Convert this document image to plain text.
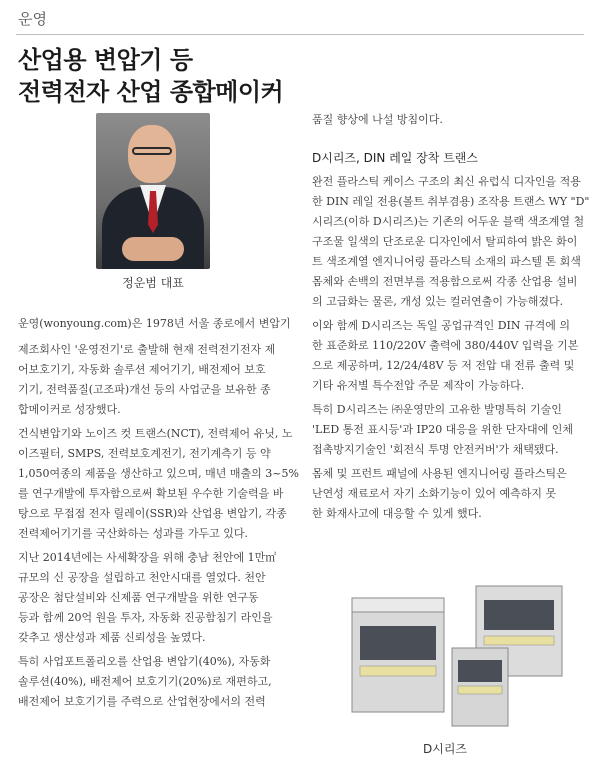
운영
산업용 변압기 등
전력전자 산업 종합메이커
정운범 대표

운영(wonyoung.com)은 1978년 서울 종로에서 변압기

제조회사인 '운영전기'로 출발해 현재 전력전기전자 제

어보호기기, 자동화 솔루션 제어기기, 배전제어 보호

기기, 전력품질(고조파)개선 등의 사업군을 보유한 종

합메이커로 성장했다.

건식변압기와 노이즈 컷 트랜스(NCT), 전력제어 유닛, 노

이즈필터, SMPS, 전력보호계전기, 전기계측기 등 약

1,050여종의 제품을 생산하고 있으며, 매년 매출의 3~5%

를 연구개발에 투자함으로써 확보된 우수한 기술력을 바

탕으로 무접점 전자 릴레이(SSR)와 산업용 변압기, 각종

전력제어기기를 국산화하는 성과를 가두고 있다.

지난 2014년에는 사세확장을 위해 충남 천안에 1만㎡

규모의 신 공장을 설립하고 천안시대를 열었다. 천안

공장은 첨단설비와 신제품 연구개발을 위한 연구동

등과 함께 20억 원을 투자, 자동화 진공함침기 라인을

갖추고 생산성과 제품 신뢰성을 높였다.

특히 사업포트폴리오를 산업용 변압기(40%), 자동화

솔루션(40%), 배전제어 보호기기(20%)로 재편하고,

배전제어 보호기기를 주력으로 산업현장에서의 전력

품질 향상에 나설 방침이다.

D시리즈, DIN 레일 장착 트랜스

완전 플라스틱 케이스 구조의 최신 유럽식 디자인을 적용

한 DIN 레일 전용(볼트 취부겸용) 조작용 트랜스 WY "D"

시리즈(이하 D시리즈)는 기존의 어두운 블랙 색조계열 철

구조물 일색의 단조로운 디자인에서 탈피하여 밝은 화이

트 색조계열 엔지니어링 플라스틱 소재의 파스텔 톤 회색

몸체와 손백의 전면부를 적용함으로써 각종 산업용 설비

의 고급화는 물론, 개성 있는 컬러연출이 가능해졌다.

이와 함께 D시리즈는 독일 공업규격인 DIN 규격에 의

한 표준화로 110/220V 출력에 380/440V 입력을 기본

으로 제공하며, 12/24/48V 등 저 전압 대 전류 출력 및

기타 유저별 특수전압 주문 제작이 가능하다.

특히 D시리즈는 ㈜운영만의 고유한 발명특허 기술인

'LED 통전 표시등'과 IP20 대응을 위한 단자대에 인체

접촉방지기술인 '회전식 투명 안전커버'가 채택됐다.

몸체 및 프런트 패널에 사용된 엔지니어링 플라스틱은

난연성 재료로서 자기 소화기능이 있어 예측하지 못

한 화재사고에 대응할 수 있게 했다.

D시리즈
